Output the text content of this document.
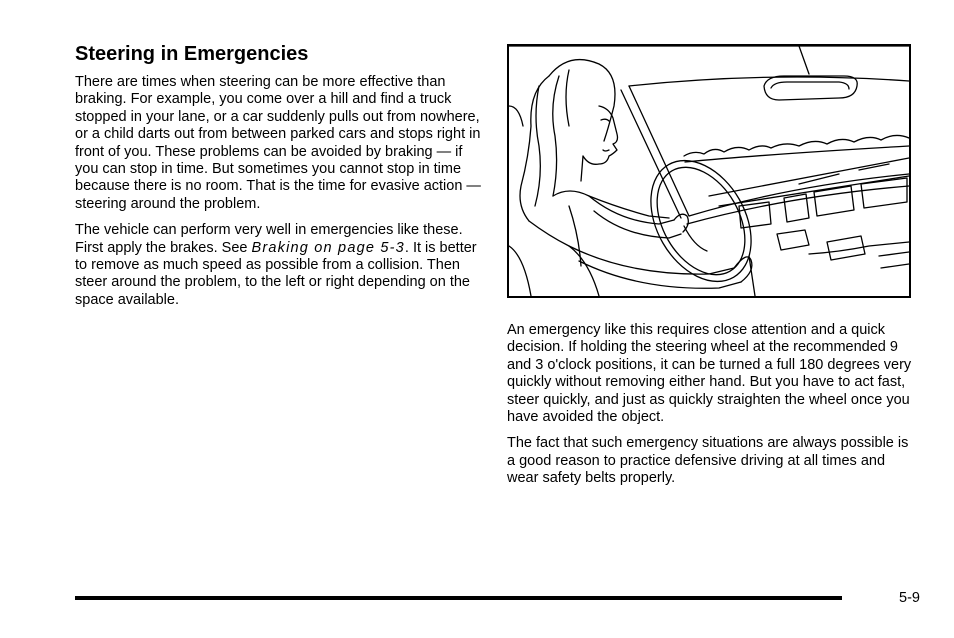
Steering in Emergencies

There are times when steering can be more effective than braking. For example, you come over a hill and find a truck stopped in your lane, or a car suddenly pulls out from nowhere, or a child darts out from between parked cars and stops right in front of you. These problems can be avoided by braking — if you can stop in time. But sometimes you cannot stop in time because there is no room. That is the time for evasive action — steering around the problem.

The vehicle can perform very well in emergencies like these. First apply the brakes. See Braking on page 5-3. It is better to remove as much speed as possible from a collision. Then steer around the problem, to the left or right depending on the space available.

An emergency like this requires close attention and a quick decision. If holding the steering wheel at the recommended 9 and 3 o'clock positions, it can be turned a full 180 degrees very quickly without removing either hand. But you have to act fast, steer quickly, and just as quickly straighten the wheel once you have avoided the object.

The fact that such emergency situations are always possible is a good reason to practice defensive driving at all times and wear safety belts properly.

5-9
